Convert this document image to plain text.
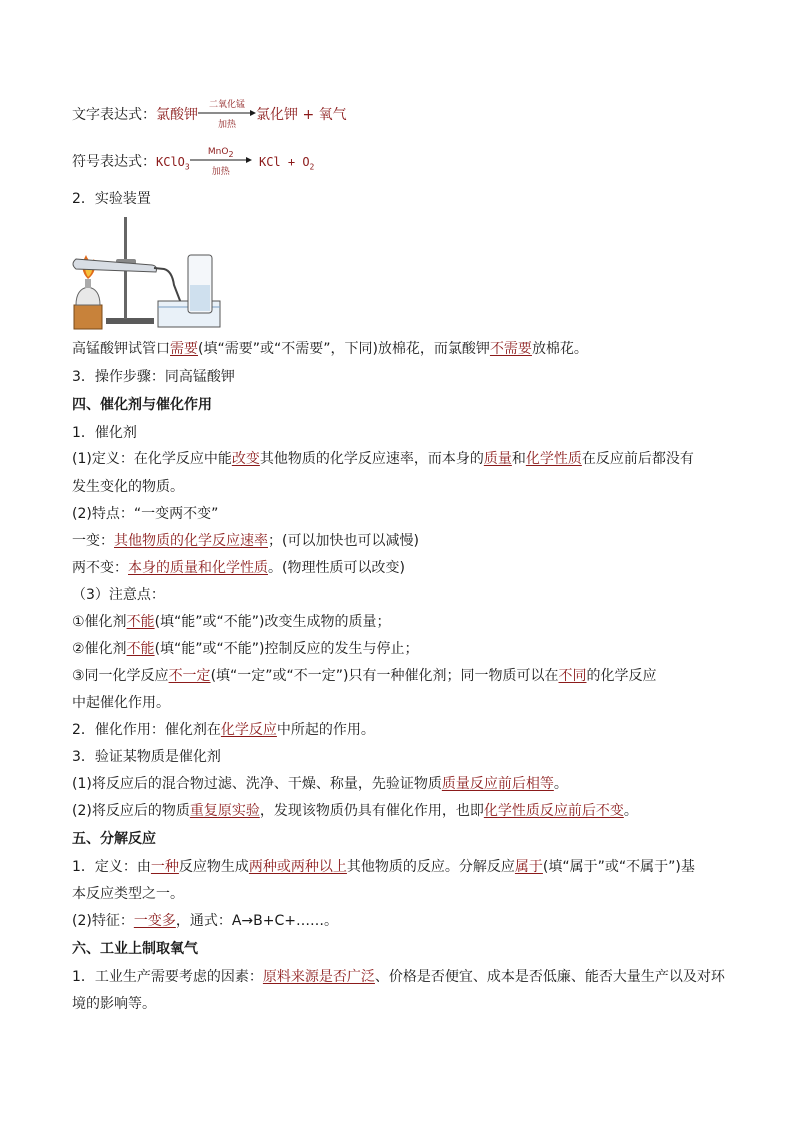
文字表达式：氯酸钾
二氧化锰
加热
氯化钾 + 氧气
符号表达式：KClO$_3$
MnO$_2$
加热
KCl + $O_2$
2．实验装置
高锰酸钾试管口需要(填“需要”或“不需要”，下同)放棉花，而氯酸钾不需要放棉花。
3．操作步骤：同高锰酸钾
四、催化剂与催化作用
1．催化剂
(1)定义：在化学反应中能改变其他物质的化学反应速率，而本身的质量和化学性质在反应前后都没有
发生变化的物质。
(2)特点：“一变两不变”
一变：其他物质的化学反应速率；(可以加快也可以减慢)
两不变：本身的质量和化学性质。(物理性质可以改变)
（3）注意点：
①催化剂不能(填“能”或“不能”)改变生成物的质量；
②催化剂不能(填“能”或“不能”)控制反应的发生与停止；
③同一化学反应不一定(填“一定”或“不一定”)只有一种催化剂；同一物质可以在不同的化学反应
中起催化作用。
2．催化作用：催化剂在化学反应中所起的作用。
3．验证某物质是催化剂
(1)将反应后的混合物过滤、洗净、干燥、称量，先验证物质质量反应前后相等。
(2)将反应后的物质重复原实验，发现该物质仍具有催化作用，也即化学性质反应前后不变。
五、分解反应
1．定义：由一种反应物生成两种或两种以上其他物质的反应。分解反应属于(填“属于”或“不属于”)基
本反应类型之一。
(2)特征：一变多，通式：A→B+C+……。
六、工业上制取氧气
1．工业生产需要考虑的因素：原料来源是否广泛、价格是否便宜、成本是否低廉、能否大量生产以及对环
境的影响等。
